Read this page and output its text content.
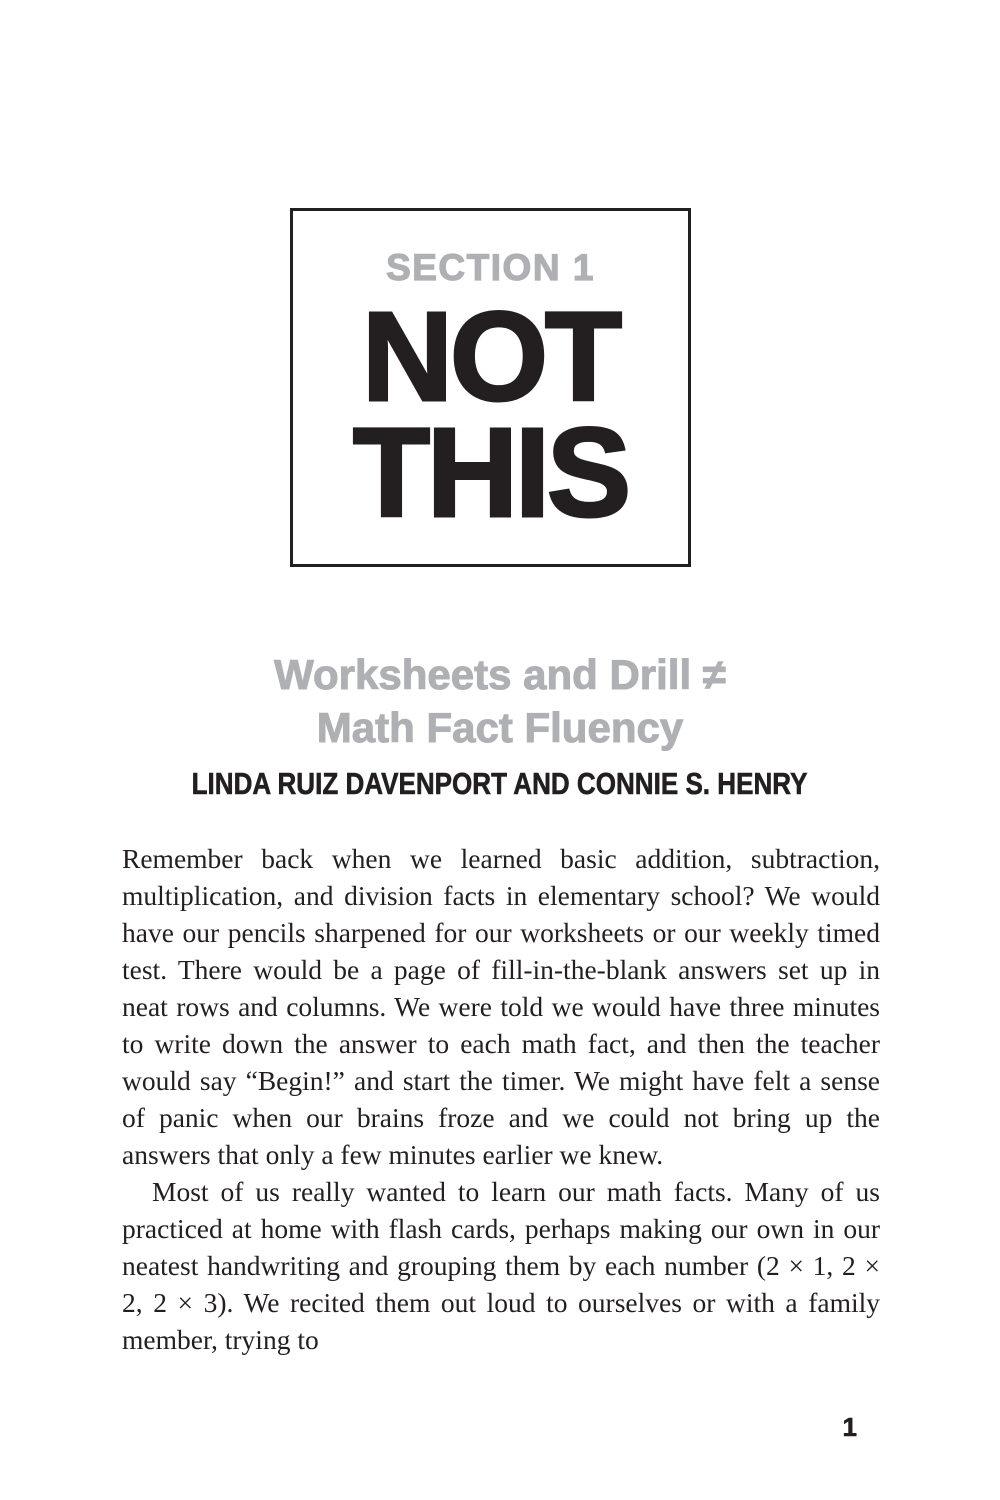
SECTION 1
NOT
THIS
Worksheets and Drill ≠
Math Fact Fluency
LINDA RUIZ DAVENPORT AND CONNIE S. HENRY

Remember back when we learned basic addition, subtraction, multiplication, and division facts in elementary school? We would have our pencils sharpened for our worksheets or our weekly timed test. There would be a page of fill-in-the-blank answers set up in neat rows and columns. We were told we would have three minutes to write down the answer to each math fact, and then the teacher would say “Begin!” and start the timer. We might have felt a sense of panic when our brains froze and we could not bring up the answers that only a few minutes earlier we knew.

Most of us really wanted to learn our math facts. Many of us practiced at home with flash cards, perhaps making our own in our neatest handwriting and grouping them by each number (2 × 1, 2 × 2, 2 × 3). We recited them out loud to ourselves or with a family member, trying to

1
